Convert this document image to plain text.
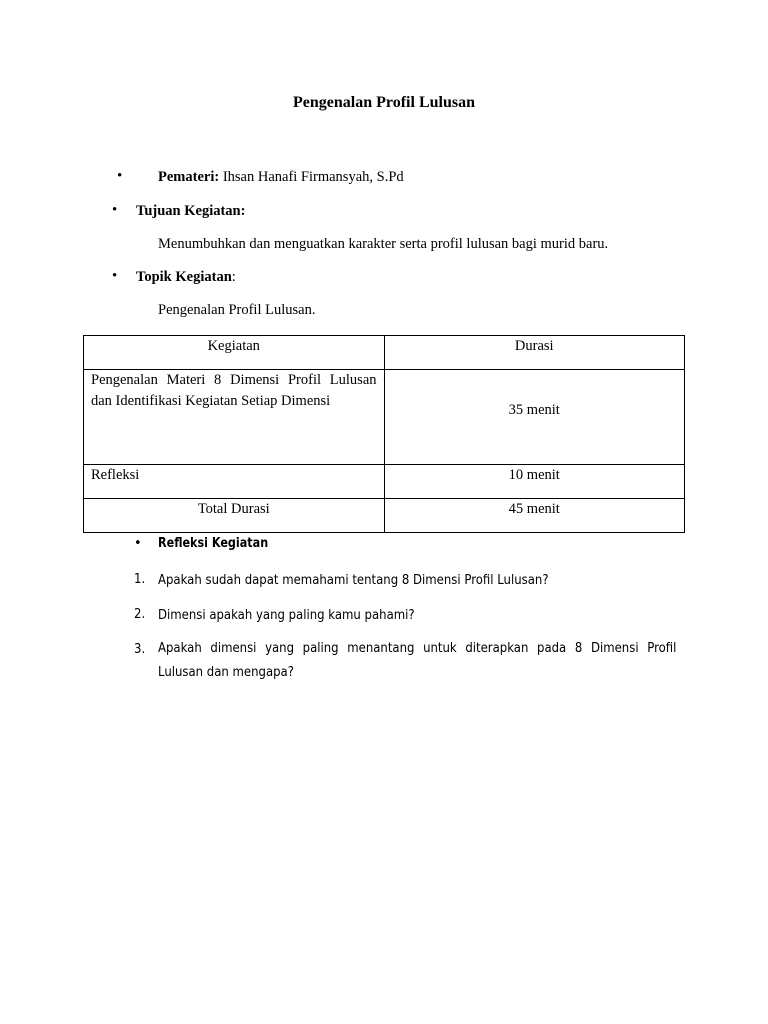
Pengenalan Profil Lulusan
• Pemateri: Ihsan Hanafi Firmansyah, S.Pd
• Tujuan Kegiatan:
Menumbuhkan dan menguatkan karakter serta profil lulusan bagi murid baru.
• Topik Kegiatan:
Pengenalan Profil Lulusan.
Kegiatan	Durasi

Pengenalan Materi 8 Dimensi Profil Lulusan
dan Identifikasi Kegiatan Setiap Dimensi	35 menit
Refleksi	10 menit
Total Durasi	45 menit
• Refleksi Kegiatan
1. Apakah sudah dapat memahami tentang 8 Dimensi Profil Lulusan?
2. Dimensi apakah yang paling kamu pahami?
3. Apakah dimensi yang paling menantang untuk diterapkan pada 8 Dimensi Profil
Lulusan dan mengapa?
